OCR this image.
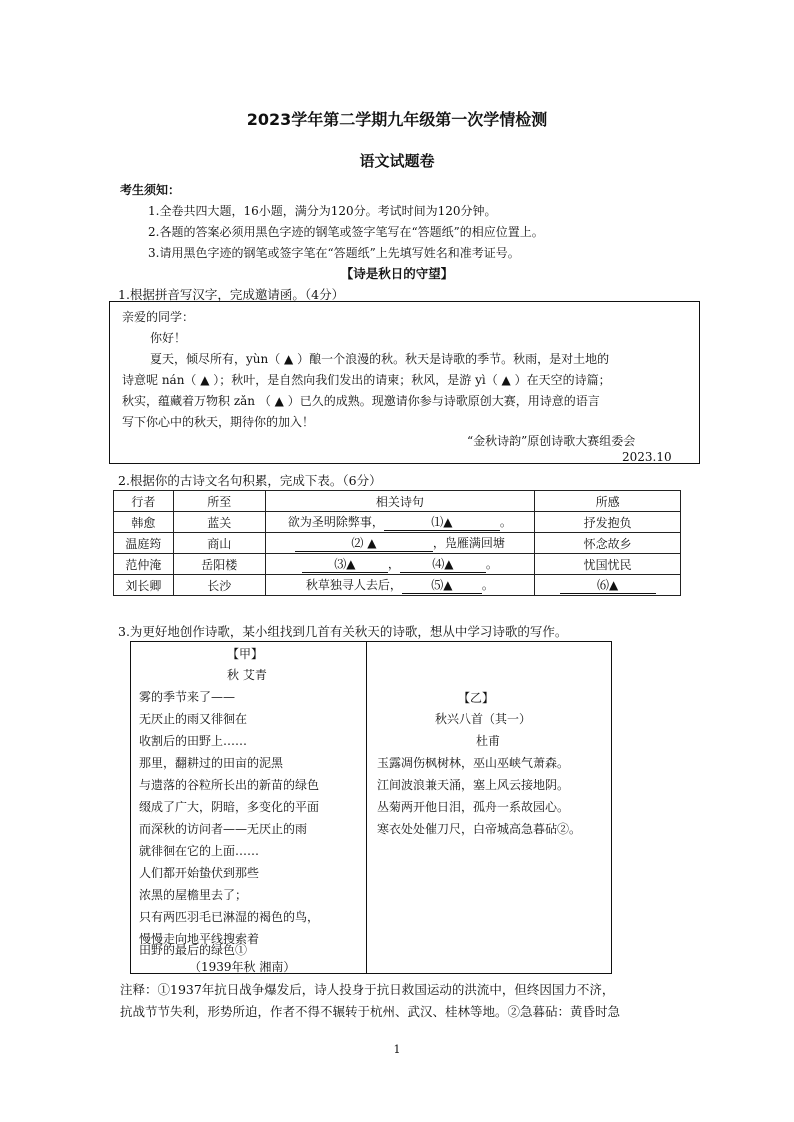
2023学年第二学期九年级第一次学情检测
语文试题卷
考生须知：
1.全卷共四大题，16小题，满分为120分。考试时间为120分钟。
2.各题的答案必须用黑色字迹的钢笔或签字笔写在“答题纸”的相应位置上。
3.请用黑色字迹的钢笔或签字笔在“答题纸”上先填写姓名和准考证号。
【诗是秋日的守望】
1.根据拼音写汉字，完成邀请函。（4分）
亲爱的同学：
你好！
夏天，倾尽所有，yùn（ ▲ ）酿一个浪漫的秋。秋天是诗歌的季节。秋雨，是对土地的
诗意呢 nán（ ▲ ）；秋叶，是自然向我们发出的请柬；秋风，是游 yì（ ▲ ）在天空的诗篇；
秋实，蕴藏着万物积 zǎn （ ▲ ）已久的成熟。现邀请你参与诗歌原创大赛，用诗意的语言
写下你心中的秋天，期待你的加入！
“金秋诗韵”原创诗歌大赛组委会
2023.10
2.根据你的古诗文名句积累，完成下表。（6分）
行者	所至	相关诗句	所感
韩愈	蓝关	欲为圣明除弊事， ⑴▲ 。	抒发抱负
温庭筠	商山	⑵ ▲ ，凫雁满回塘	怀念故乡
范仲淹	岳阳楼	⑶▲ ， ⑷▲ 。	忧国忧民
刘长卿	长沙	秋草独寻人去后， ⑸▲ 。	⑹▲
3.为更好地创作诗歌，某小组找到几首有关秋天的诗歌，想从中学习诗歌的写作。
【甲】
秋 艾青
雾的季节来了——
无厌止的雨又徘徊在
收割后的田野上……
那里，翻耕过的田亩的泥黑
与遗落的谷粒所长出的新苗的绿色
缀成了广大，阴暗，多变化的平面
而深秋的访问者——无厌止的雨
就徘徊在它的上面……
人们都开始蛰伏到那些
浓黑的屋檐里去了；
只有两匹羽毛已淋湿的褐色的鸟，
慢慢走向地平线搜索着
田野的最后的绿色①
（1939年秋 湘南）
【乙】
秋兴八首（其一）
杜甫
玉露凋伤枫树林，巫山巫峡气萧森。
江间波浪兼天涌，塞上风云接地阴。
丛菊两开他日泪，孤舟一系故园心。
寒衣处处催刀尺，白帝城高急暮砧②。
注释：①1937年抗日战争爆发后，诗人投身于抗日救国运动的洪流中，但终因国力不济，
抗战节节失利，形势所迫，作者不得不辗转于杭州、武汉、桂林等地。②急暮砧：黄昏时急
1
